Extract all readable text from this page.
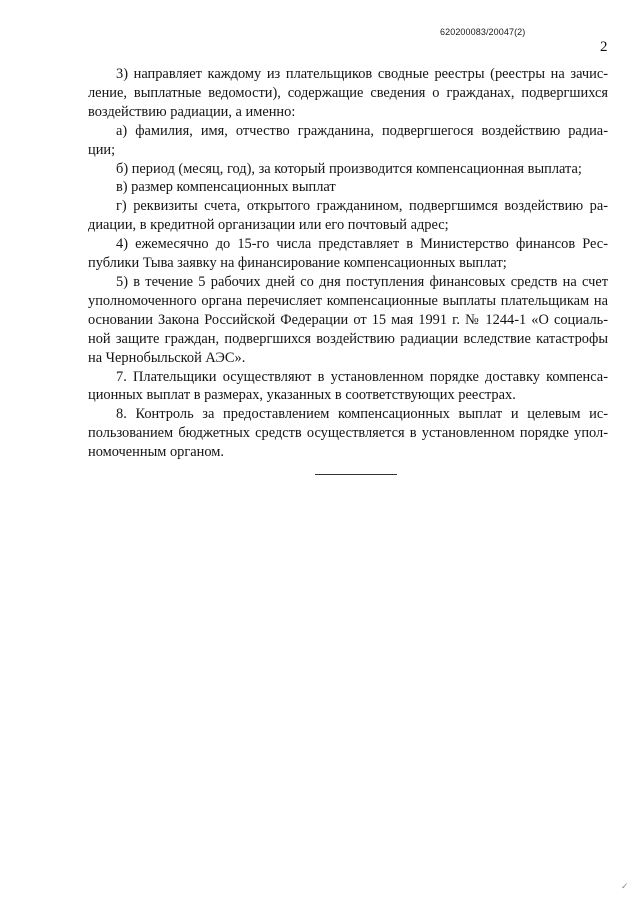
620200083/20047(2)
2
3) направляет каждому из плательщиков сводные реестры (реестры на зачис-
ление, выплатные ведомости), содержащие сведения о гражданах, подвергшихся
воздействию радиации, а именно:
а) фамилия, имя, отчество гражданина, подвергшегося воздействию радиа-
ции;
б) период (месяц, год), за который производится компенсационная выплата;
в) размер компенсационных выплат
г) реквизиты счета, открытого гражданином, подвергшимся воздействию ра-
диации, в кредитной организации или его почтовый адрес;
4) ежемесячно до 15-го числа представляет в Министерство финансов Рес-
публики Тыва заявку на финансирование компенсационных выплат;
5) в течение 5 рабочих дней со дня поступления финансовых средств на счет
уполномоченного органа перечисляет компенсационные выплаты плательщикам на
основании Закона Российской Федерации от 15 мая 1991 г. № 1244-1 «О социаль-
ной защите граждан, подвергшихся воздействию радиации вследствие катастрофы
на Чернобыльской АЭС».
7. Плательщики осуществляют в установленном порядке доставку компенса-
ционных выплат в размерах, указанных в соответствующих реестрах.
8. Контроль за предоставлением компенсационных выплат и целевым ис-
пользованием бюджетных средств осуществляется в установленном порядке упол-
номоченным органом.
✓
